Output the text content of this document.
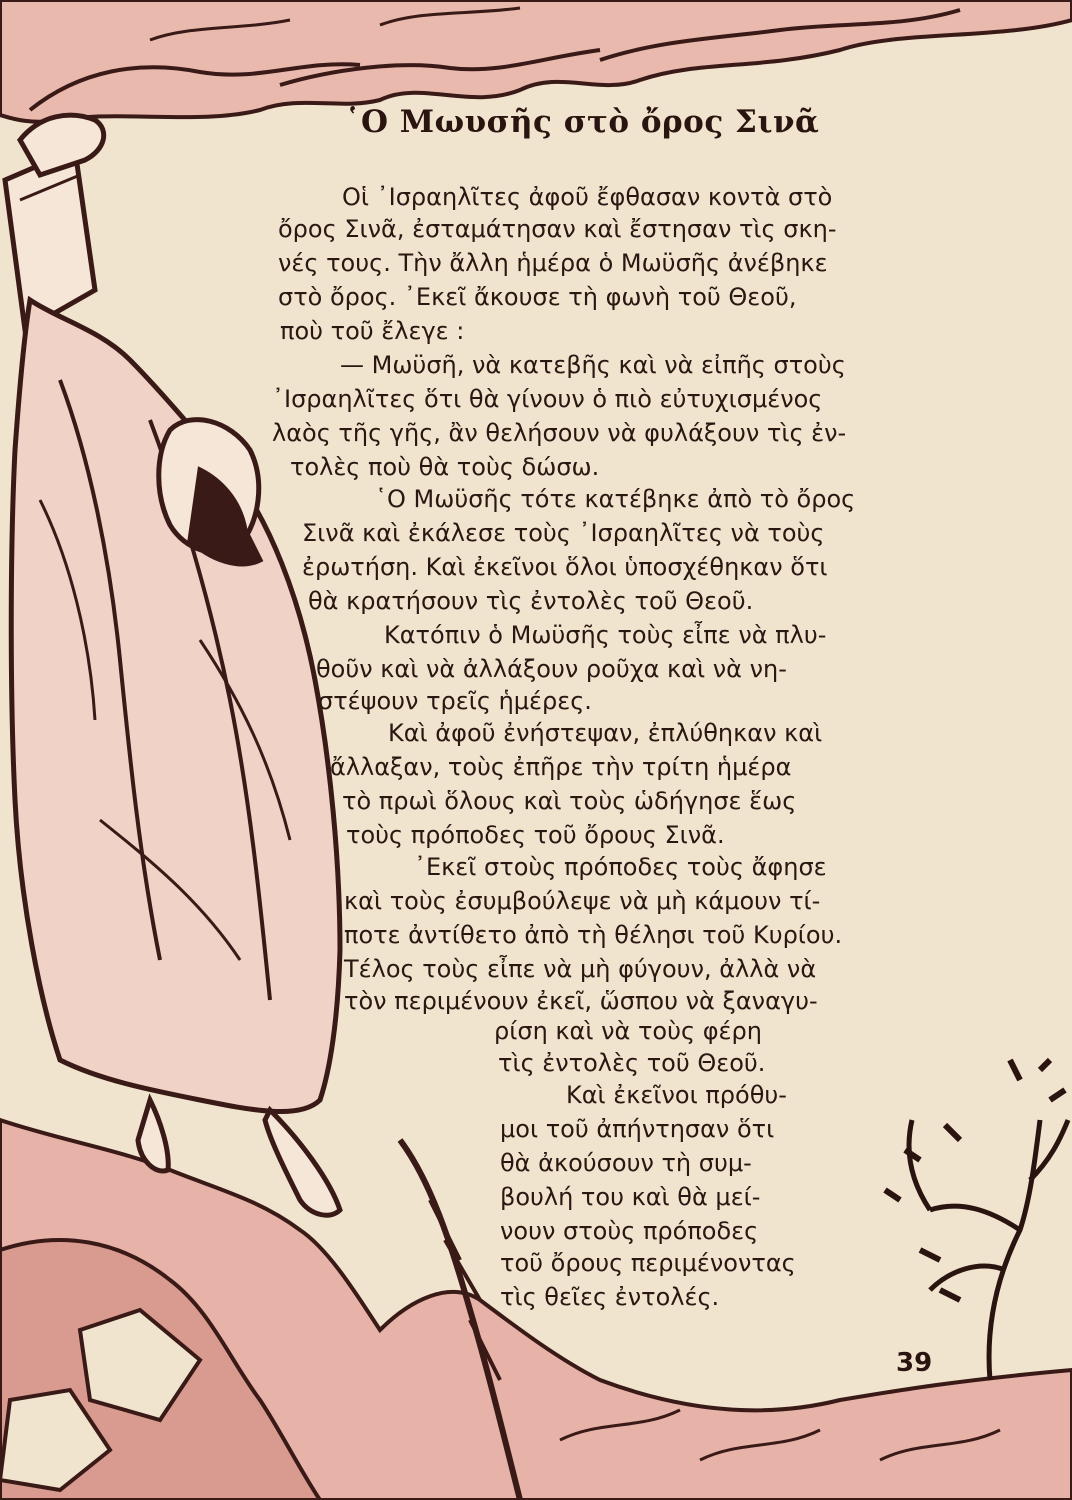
῾Ο Μωυσῆς στὸ ὄρος Σινᾶ
Οἱ ᾿Ισραηλῖτες ἀφοῦ ἔφθασαν κοντὰ στὸ
ὄρος Σινᾶ, ἐσταμάτησαν καὶ ἔστησαν τὶς σκη-
νές τους. Τὴν ἄλλη ἡμέρα ὁ Μωϋσῆς ἀνέβηκε
στὸ ὄρος. ᾿Εκεῖ ἄκουσε τὴ φωνὴ τοῦ Θεοῦ,
ποὺ τοῦ ἔλεγε :
— Μωϋσῆ, νὰ κατεβῆς καὶ νὰ εἰπῆς στοὺς
᾿Ισραηλῖτες ὅτι θὰ γίνουν ὁ πιὸ εὐτυχισμένος
λαὸς τῆς γῆς, ἂν θελήσουν νὰ φυλάξουν τὶς ἐν-
τολὲς ποὺ θὰ τοὺς δώσω.
῾Ο Μωϋσῆς τότε κατέβηκε ἀπὸ τὸ ὄρος
Σινᾶ καὶ ἐκάλεσε τοὺς ᾿Ισραηλῖτες νὰ τοὺς
ἐρωτήση. Καὶ ἐκεῖνοι ὅλοι ὑποσχέθηκαν ὅτι
θὰ κρατήσουν τὶς ἐντολὲς τοῦ Θεοῦ.
Κατόπιν ὁ Μωϋσῆς τοὺς εἶπε νὰ πλυ-
θοῦν καὶ νὰ ἀλλάξουν ροῦχα καὶ νὰ νη-
στέψουν τρεῖς ἡμέρες.
Καὶ ἀφοῦ ἐνήστεψαν, ἐπλύθηκαν καὶ
ἄλλαξαν, τοὺς ἐπῆρε τὴν τρίτη ἡμέρα
τὸ πρωὶ ὅλους καὶ τοὺς ὡδήγησε ἕως
τοὺς πρόποδες τοῦ ὄρους Σινᾶ.
᾿Εκεῖ στοὺς πρόποδες τοὺς ἄφησε
καὶ τοὺς ἐσυμβούλεψε νὰ μὴ κάμουν τί-
ποτε ἀντίθετο ἀπὸ τὴ θέλησι τοῦ Κυρίου.
Τέλος τοὺς εἶπε νὰ μὴ φύγουν, ἀλλὰ νὰ
τὸν περιμένουν ἐκεῖ, ὥσπου νὰ ξαναγυ-
ρίση καὶ νὰ τοὺς φέρη
τὶς ἐντολὲς τοῦ Θεοῦ.
Καὶ ἐκεῖνοι πρόθυ-
μοι τοῦ ἀπήντησαν ὅτι
θὰ ἀκούσουν τὴ συμ-
βουλή του καὶ θὰ μεί-
νουν στοὺς πρόποδες
τοῦ ὄρους περιμένοντας
τὶς θεῖες ἐντολές.
39
